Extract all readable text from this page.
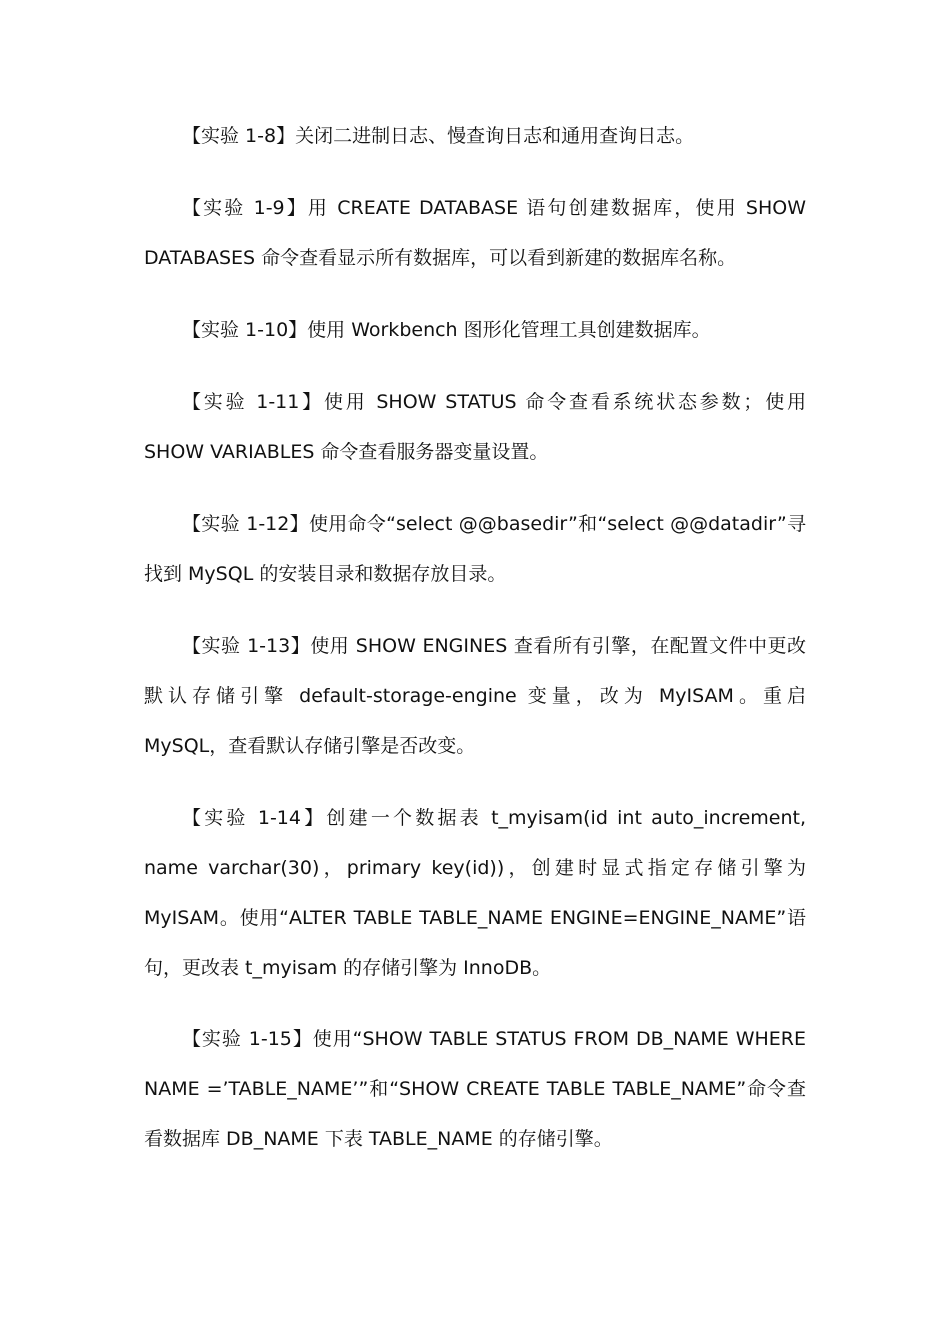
【实验 1-8】关闭二进制日志、慢查询日志和通用查询日志。

【实验 1-9】用 CREATE DATABASE 语句创建数据库，使用 SHOW DATABASES 命令查看显示所有数据库，可以看到新建的数据库名称。

【实验 1-10】使用 Workbench 图形化管理工具创建数据库。

【实验 1-11】使用 SHOW STATUS 命令查看系统状态参数；使用 SHOW VARIABLES 命令查看服务器变量设置。

【实验 1-12】使用命令“select @@basedir”和“select @@datadir”寻找到 MySQL 的安装目录和数据存放目录。

【实验 1-13】使用 SHOW ENGINES 查看所有引擎，在配置文件中更改默认存储引擎 default-storage-engine 变量，改为 MyISAM。重启 MySQL，查看默认存储引擎是否改变。

【实验 1-14】创建一个数据表 t_myisam(id int auto_increment, name varchar(30)，primary key(id))，创建时显式指定存储引擎为 MyISAM。使用“ALTER TABLE TABLE_NAME ENGINE=ENGINE_NAME”语句，更改表 t_myisam 的存储引擎为 InnoDB。

【实验 1-15】使用“SHOW TABLE STATUS FROM DB_NAME WHERE NAME =’TABLE_NAME’”和“SHOW CREATE TABLE TABLE_NAME”命令查看数据库 DB_NAME 下表 TABLE_NAME 的存储引擎。
